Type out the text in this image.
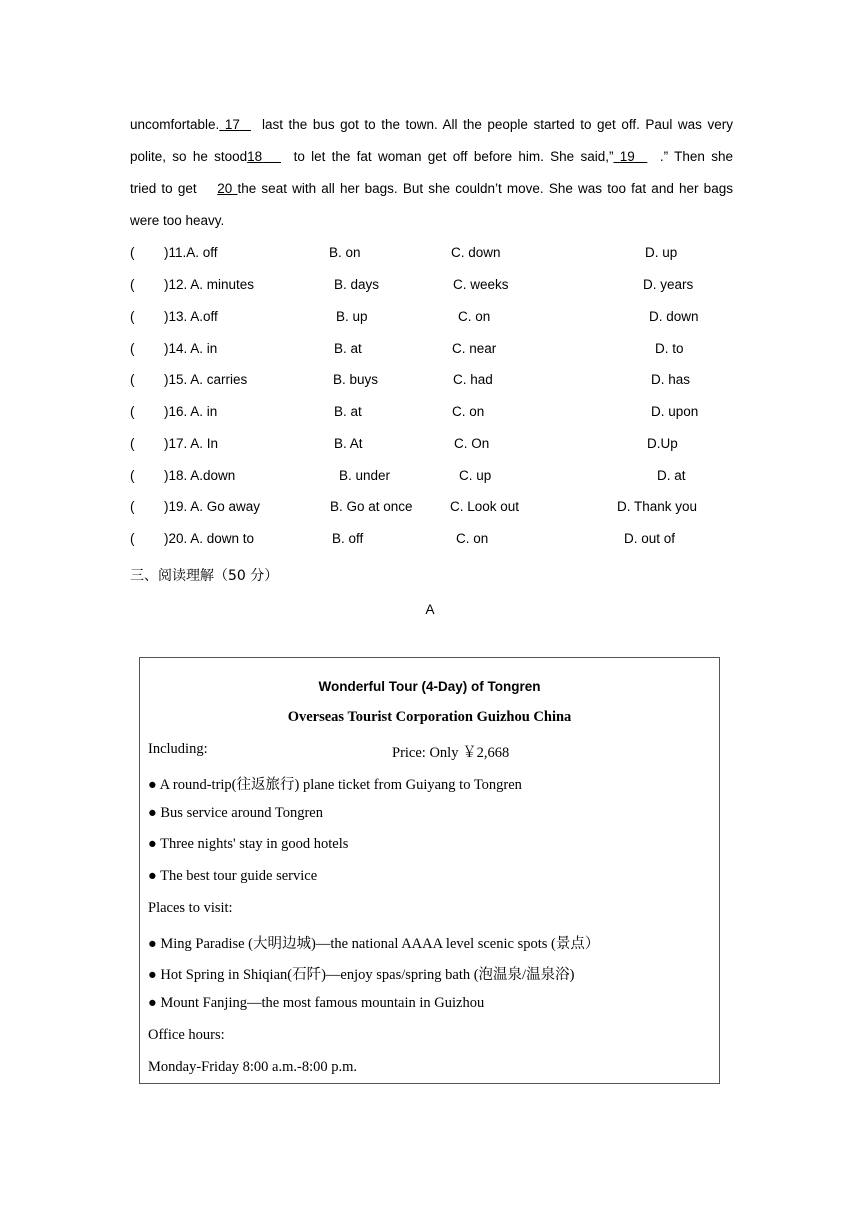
uncomfortable. 17 last the bus got to the town. All the people started to get off. Paul was very
polite, so he stood18 to let the fat woman get off before him. She said,” 19 .” Then she
tried to get 20 the seat with all her bags. But she couldn’t move. She was too fat and her bags
were too heavy.
( )11.A. off	B. on	C. down	D. up
( )12. A. minutes	B. days	C. weeks	D. years
( )13. A.off	B. up	C. on	D. down
( )14. A. in	B. at	C. near	D. to
( )15. A. carries	B. buys	C. had	D. has
( )16. A. in	B. at	C. on	D. upon
( )17. A. In	B. At	C. On	D.Up
( )18. A.down	B. under	C. up	D. at
( )19. A. Go away	B. Go at once	C. Look out	D. Thank you
( )20. A. down to	B. off	C. on	D. out of
三、阅读理解（50 分）
A
Wonderful Tour (4-Day) of Tongren
Overseas Tourist Corporation Guizhou China
Including:	Price: Only ￥2,668
● A round-trip(往返旅行) plane ticket from Guiyang to Tongren
● Bus service around Tongren
● Three nights' stay in good hotels
● The best tour guide service
Places to visit:
● Ming Paradise (大明边城)—the national AAAA level scenic spots (景点）
● Hot Spring in Shiqian(石阡)—enjoy spas/spring bath (泡温泉/温泉浴)
● Mount Fanjing—the most famous mountain in Guizhou
Office hours:
Monday-Friday 8:00 a.m.-8:00 p.m.
